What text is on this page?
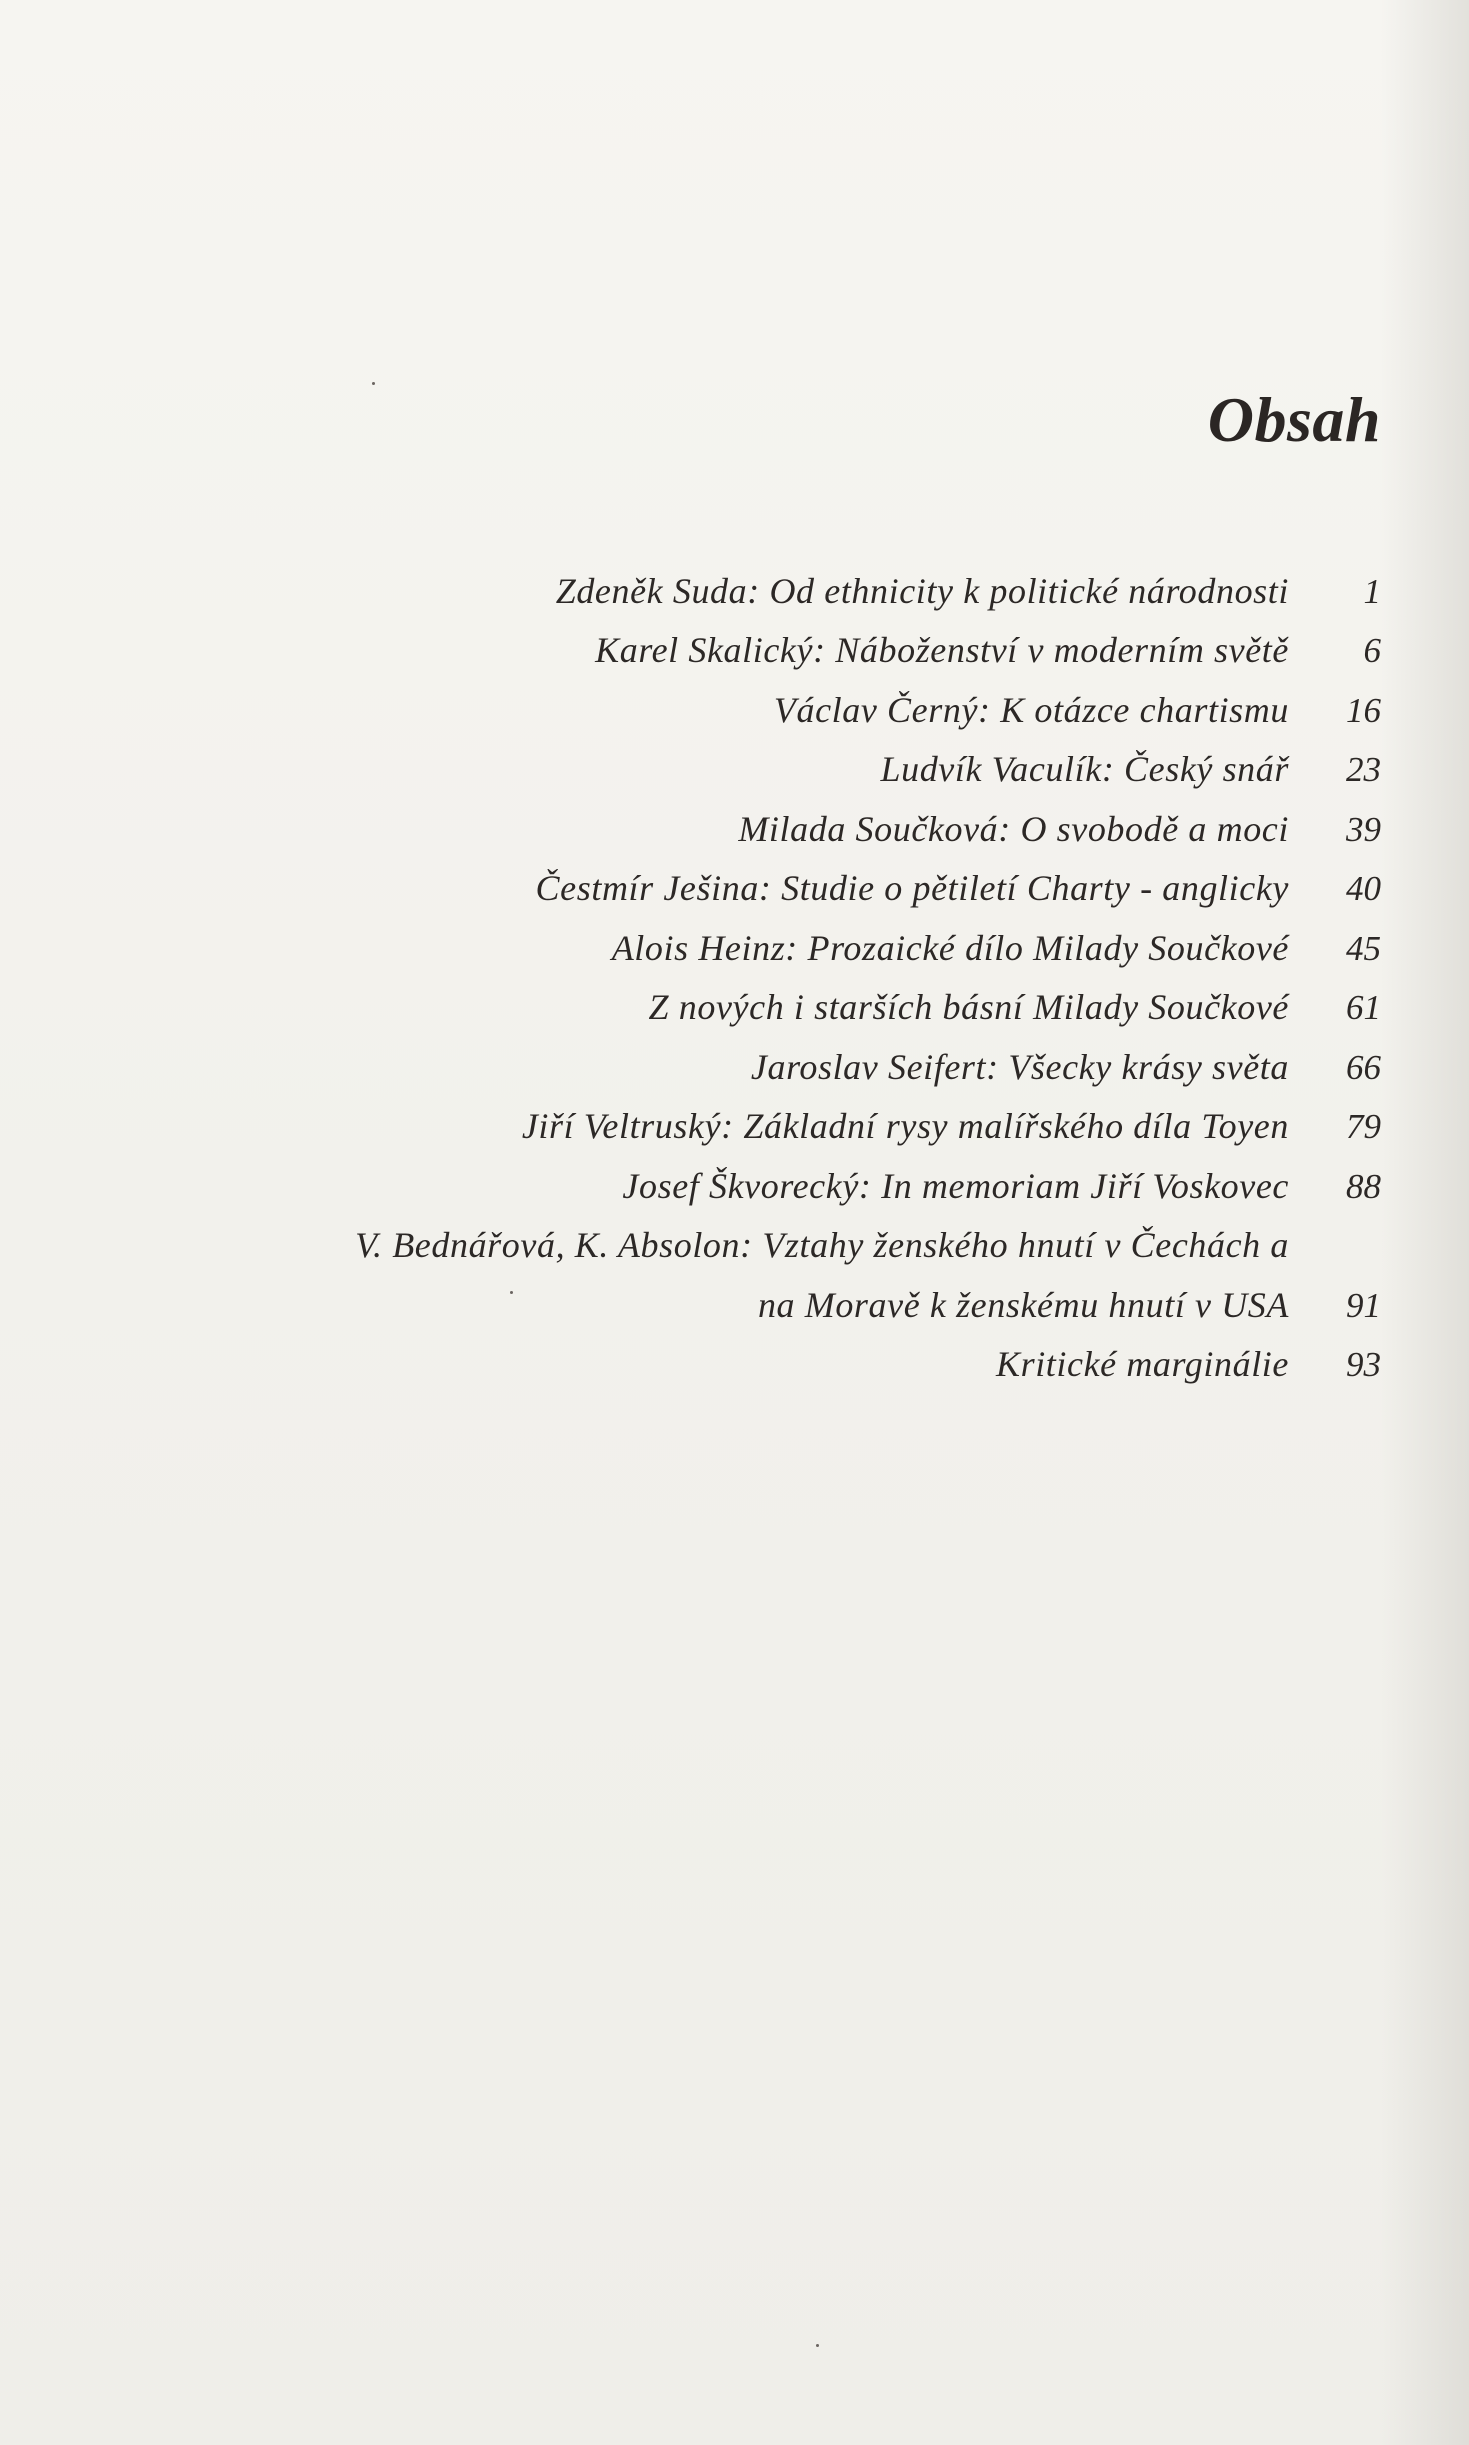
Obsah
Zdeněk Suda: Od ethnicity k politické národnosti	1
Karel Skalický: Náboženství v moderním světě	6
Václav Černý: K otázce chartismu	16
Ludvík Vaculík: Český snář	23
Milada Součková: O svobodě a moci	39
Čestmír Ješina: Studie o pětiletí Charty - anglicky	40
Alois Heinz: Prozaické dílo Milady Součkové	45
Z nových i starších básní Milady Součkové	61
Jaroslav Seifert: Všecky krásy světa	66
Jiří Veltruský: Základní rysy malířského díla Toyen	79
Josef Škvorecký: In memoriam Jiří Voskovec	88
V. Bednářová, K. Absolon: Vztahy ženského hnutí v Čechách a
na Moravě k ženskému hnutí v USA	91
Kritické marginálie	93
